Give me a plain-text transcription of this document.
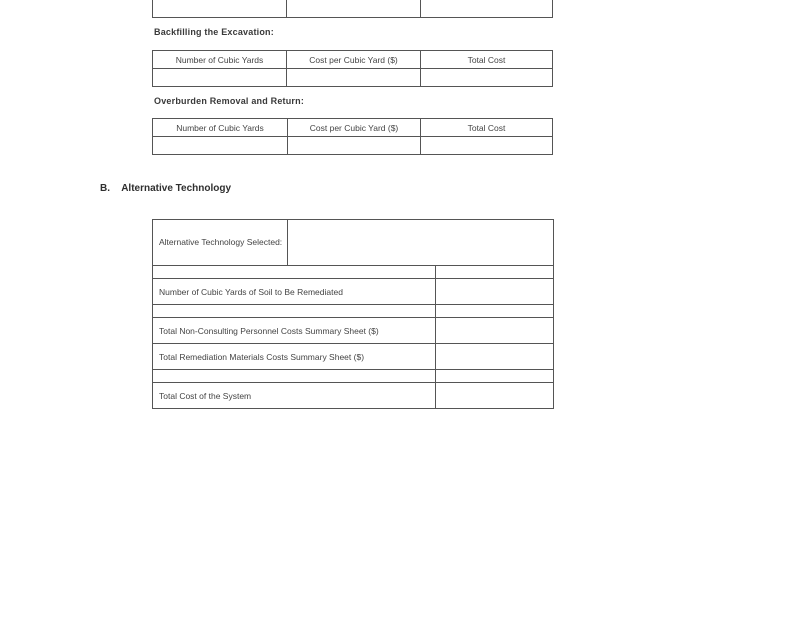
Backfilling the Excavation:
Number of Cubic Yards	Cost per Cubic Yard ($)	Total Cost

Overburden Removal and Return:
Number of Cubic Yards	Cost per Cubic Yard ($)	Total Cost

B. Alternative Technology
Alternative Technology Selected:	

Number of Cubic Yards of Soil to Be Remediated	

Total Non-Consulting Personnel Costs Summary Sheet ($)	
Total Remediation Materials Costs Summary Sheet ($)	

Total Cost of the System	
